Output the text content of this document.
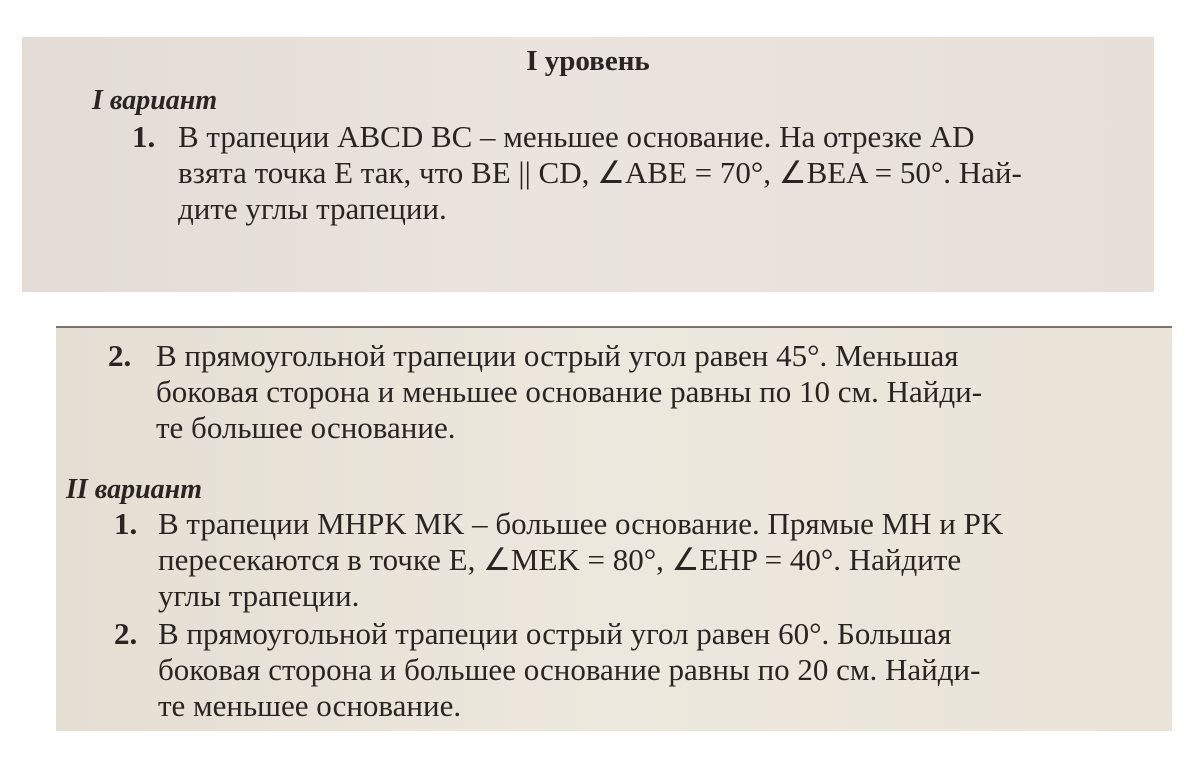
I уровень
I вариант
1. В трапеции ABCD BC – меньшее основание. На отрезке AD
взята точка E так, что BE || CD, ∠ABE = 70°, ∠BEA = 50°. Най-
дите углы трапеции.
2. В прямоугольной трапеции острый угол равен 45°. Меньшая
боковая сторона и меньшее основание равны по 10 см. Найди-
те большее основание.
II вариант
1. В трапеции MHPK MK – большее основание. Прямые MH и PK
пересекаются в точке E, ∠MEK = 80°, ∠EHP = 40°. Найдите
углы трапеции.
2. В прямоугольной трапеции острый угол равен 60°. Большая
боковая сторона и большее основание равны по 20 см. Найди-
те меньшее основание.
